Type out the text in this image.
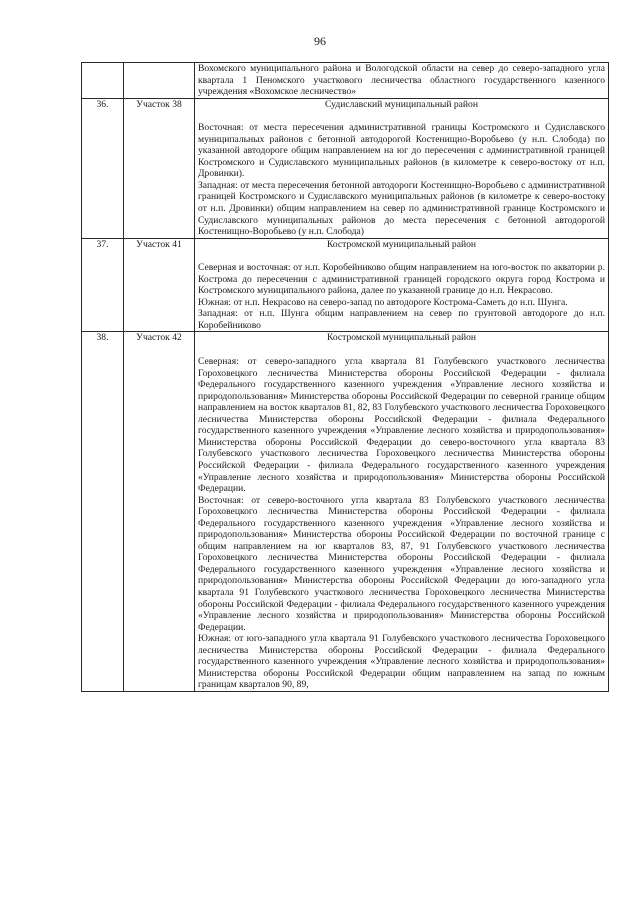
96

		Вохомского муниципального района и Вологодской области на север до северо-западного угла квартала 1 Пеномского участкового лесничества областного государственного казенного учреждения «Вохомское лесничество»

36.	Участок 38	Судиславский муниципальный район

Восточная: от места пересечения административной границы Костромского и Судиславского муниципальных районов с бетонной автодорогой Костенищно-Воробьево (у н.п. Слобода) по указанной автодороге общим направлением на юг до пересечения с административной границей Костромского и Судиславского муниципальных районов (в километре к северо-востоку от н.п. Дровинки).

Западная: от места пересечения бетонной автодороги Костенищно-Воробьево с административной границей Костромского и Судиславского муниципальных районов (в километре к северо-востоку от н.п. Дровинки) общим направлением на север по административной границе Костромского и Судиславского муниципальных районов до места пересечения с бетонной автодорогой Костенищно-Воробьево (у н.п. Слобода)

37.	Участок 41	Костромской муниципальный район

Северная и восточная: от н.п. Коробейниково общим направлением на юго-восток по акватории р. Кострома до пересечения с административной границей городского округа город Кострома и Костромского муниципального района, далее по указанной границе до н.п. Некрасово.

Южная: от н.п. Некрасово на северо-запад по автодороге Кострома-Саметь до н.п. Шунга.

Западная: от н.п. Шунга общим направлением на север по грунтовой автодороге до н.п. Коробейниково

38.	Участок 42	Костромской муниципальный район

Северная: от северо-западного угла квартала 81 Голубевского участкового лесничества Гороховецкого лесничества Министерства обороны Российской Федерации - филиала Федерального государственного казенного учреждения «Управление лесного хозяйства и природопользования» Министерства обороны Российской Федерации по северной границе общим направлением на восток кварталов 81, 82, 83 Голубевского участкового лесничества Гороховецкого лесничества Министерства обороны Российской Федерации - филиала Федерального государственного казенного учреждения «Управление лесного хозяйства и природопользования» Министерства обороны Российской Федерации до северо-восточного угла квартала 83 Голубевского участкового лесничества Гороховецкого лесничества Министерства обороны Российской Федерации - филиала Федерального государственного казенного учреждения «Управление лесного хозяйства и природопользования» Министерства обороны Российской Федерации.

Восточная: от северо-восточного угла квартала 83 Голубевского участкового лесничества Гороховецкого лесничества Министерства обороны Российской Федерации - филиала Федерального государственного казенного учреждения «Управление лесного хозяйства и природопользования» Министерства обороны Российской Федерации по восточной границе с общим направлением на юг кварталов 83, 87, 91 Голубевского участкового лесничества Гороховецкого лесничества Министерства обороны Российской Федерации - филиала Федерального государственного казенного учреждения «Управление лесного хозяйства и природопользования» Министерства обороны Российской Федерации до юго-западного угла квартала 91 Голубевского участкового лесничества Гороховецкого лесничества Министерства обороны Российской Федерации - филиала Федерального государственного казенного учреждения «Управление лесного хозяйства и природопользования» Министерства обороны Российской Федерации.

Южная: от юго-западного угла квартала 91 Голубевского участкового лесничества Гороховецкого лесничества Министерства обороны Российской Федерации - филиала Федерального государственного казенного учреждения «Управление лесного хозяйства и природопользования» Министерства обороны Российской Федерации общим направлением на запад по южным границам кварталов 90, 89,
